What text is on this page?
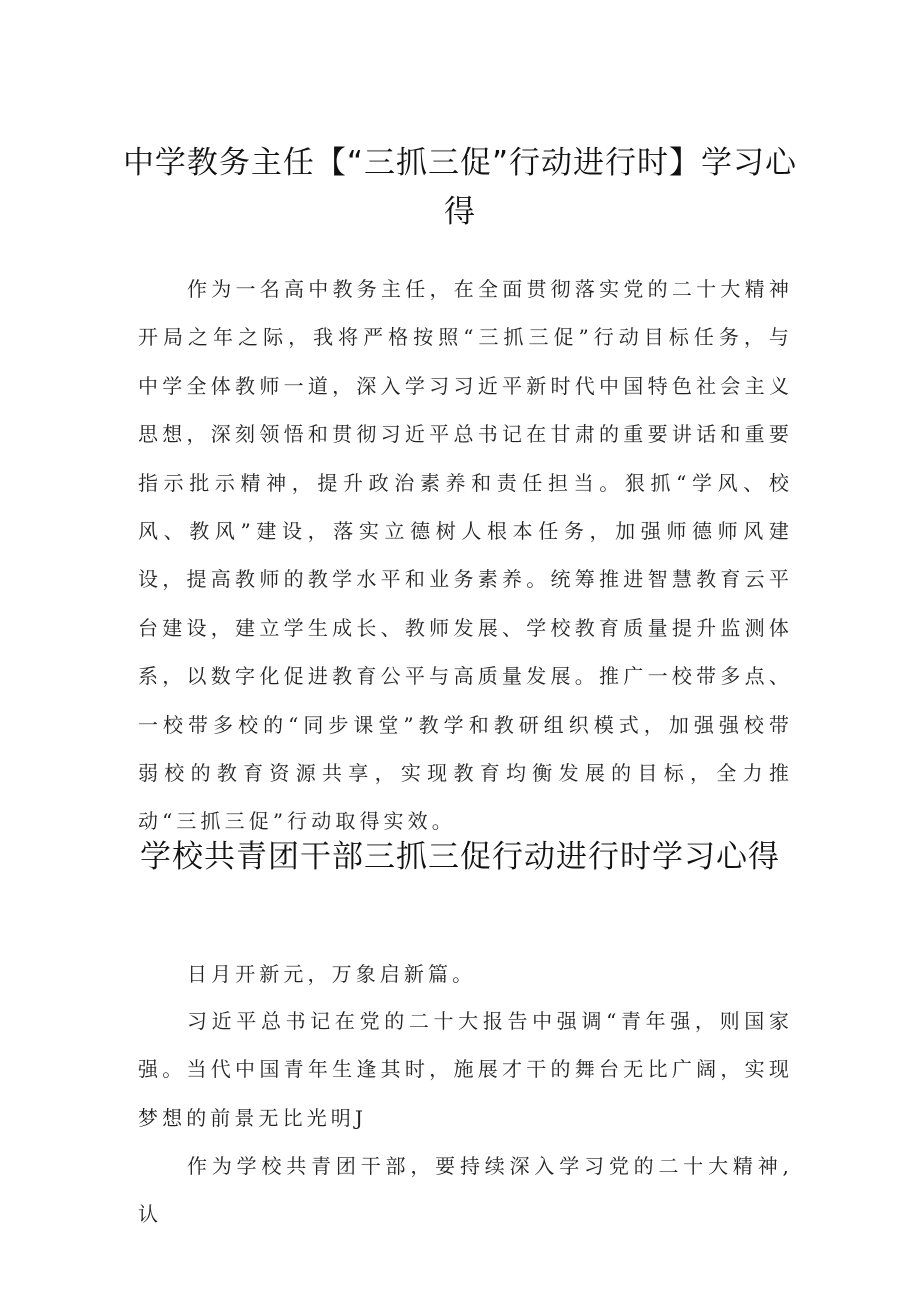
中学教务主任【“三抓三促”行动进行时】学习心得

作为一名高中教务主任，在全面贯彻落实党的二十大精神开局之年之际，我将严格按照“三抓三促”行动目标任务，与中学全体教师一道，深入学习习近平新时代中国特色社会主义思想，深刻领悟和贯彻习近平总书记在甘肃的重要讲话和重要指示批示精神，提升政治素养和责任担当。狠抓“学风、校风、教风”建设，落实立德树人根本任务，加强师德师风建设，提高教师的教学水平和业务素养。统筹推进智慧教育云平台建设，建立学生成长、教师发展、学校教育质量提升监测体系，以数字化促进教育公平与高质量发展。推广一校带多点、一校带多校的“同步课堂”教学和教研组织模式，加强强校带弱校的教育资源共享，实现教育均衡发展的目标，全力推动“三抓三促”行动取得实效。

学校共青团干部三抓三促行动进行时学习心得

日月开新元，万象启新篇。

习近平总书记在党的二十大报告中强调“青年强，则国家强。当代中国青年生逢其时，施展才干的舞台无比广阔，实现梦想的前景无比光明J

作为学校共青团干部，要持续深入学习党的二十大精神,认
